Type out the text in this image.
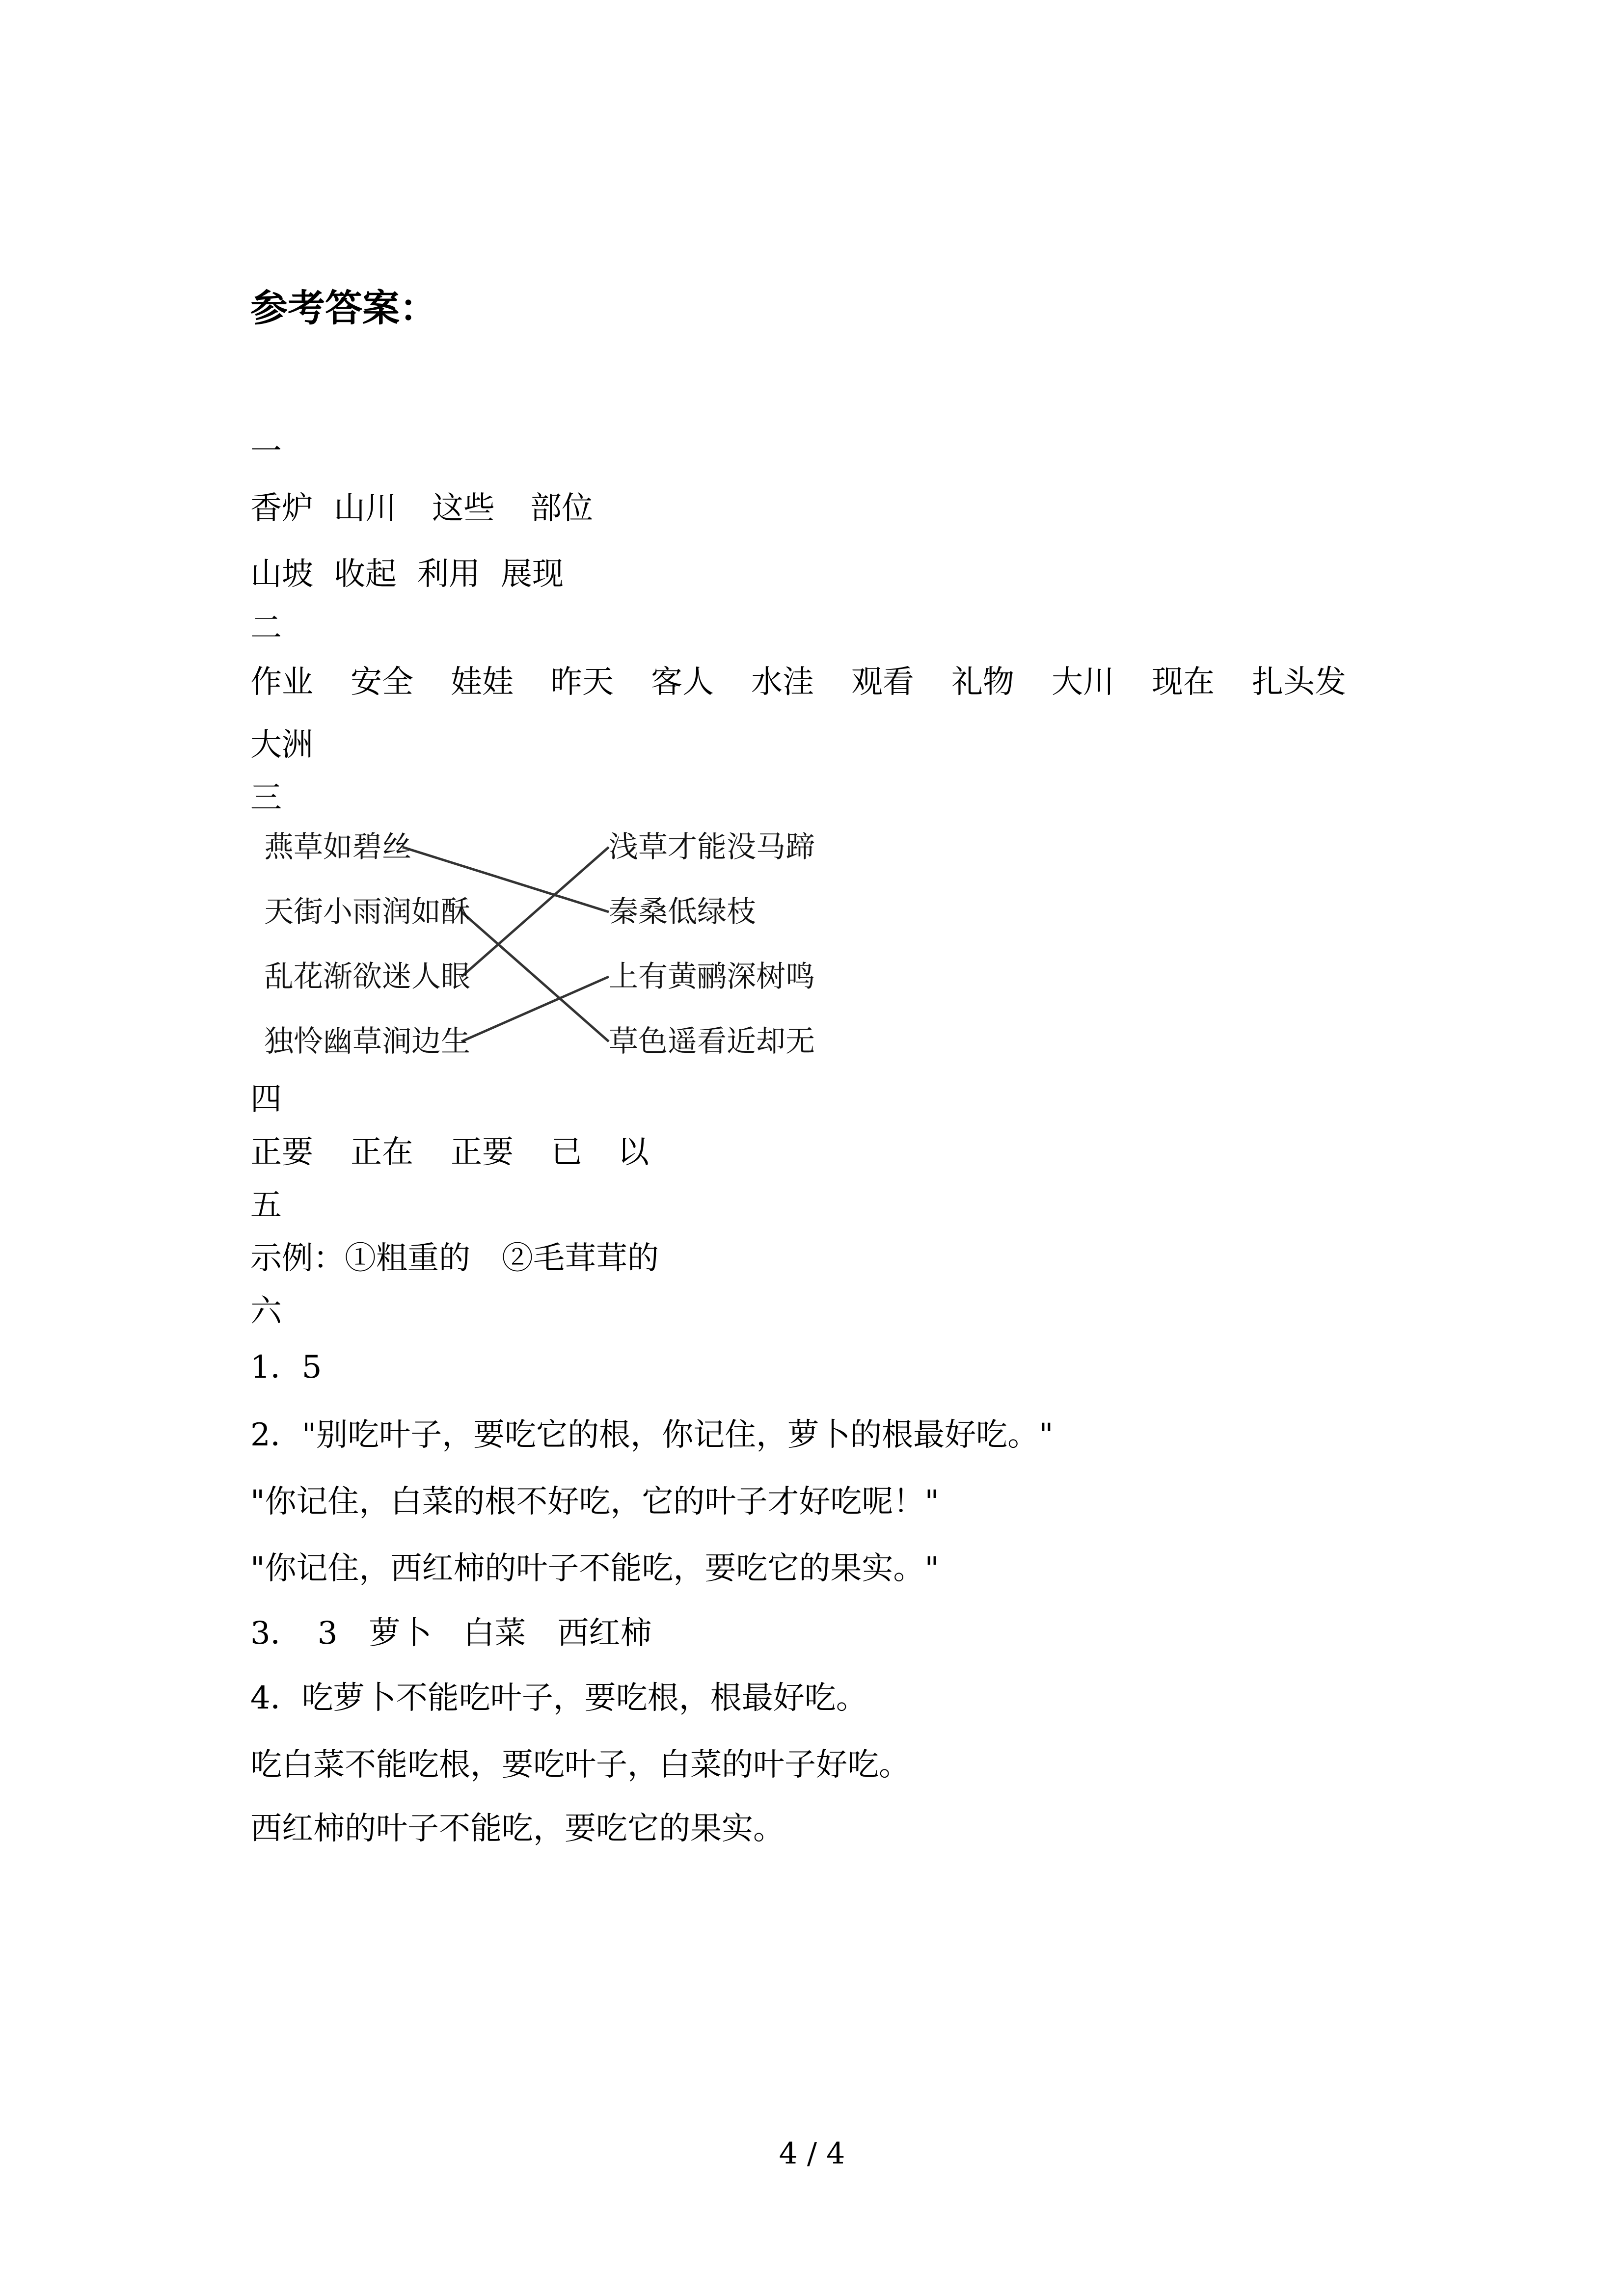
参考答案：

一

香炉 山川	这些	部位
山坡 收起 利用 展现

二

作业	安全	娃娃	昨天	客人	水洼	观看	礼物	大川	现在	扎头发
大洲

三

燕草如碧丝
天街小雨润如酥
乱花渐欲迷人眼
独怜幽草涧边生
浅草才能没马蹄
秦桑低绿枝
上有黄鹂深树鸣
草色遥看近却无

四

正要	正在	正要	已	以

五

示例：①粗重的　②毛茸茸的

六

1．5

2．"别吃叶子，要吃它的根，你记住，萝卜的根最好吃。"

"你记住，白菜的根不好吃，它的叶子才好吃呢！"

"你记住，西红柿的叶子不能吃，要吃它的果实。"

3．　3　萝卜　白菜　西红柿

4．吃萝卜不能吃叶子，要吃根，根最好吃。

吃白菜不能吃根，要吃叶子，白菜的叶子好吃。

西红柿的叶子不能吃，要吃它的果实。

4 / 4
